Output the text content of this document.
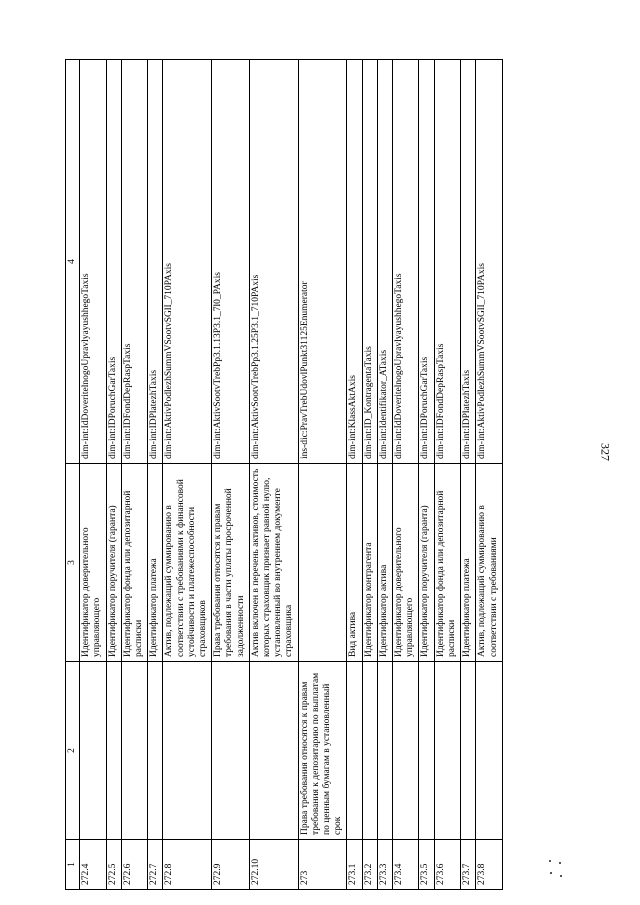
327
1	2	3	4
272.4		Идентификатор доверительного управляющего	dim-int:IdDoveritelnogoUpravlyayushhegoTaxis
272.5		Идентификатор поручителя (гаранта)	dim-int:IDPoruchGarTaxis
272.6		Идентификатор фонда или депозитарной расписки	dim-int:IDFondDepRaspTaxis
272.7		Идентификатор платежа	dim-int:IDPlatezhTaxis
272.8		Актив, подлежащий суммированию в соответствии с требованиями к финансовой устойчивости и платежеспособности страховщиков	dim-int:AktivPodlezhSummVSootvSGlI_710PAxis
272.9		Права требования относятся к правам требования в части уплаты просроченной задолженности	dim-int:AktivSootvTrebPp3.1.13P3.1_7l0_PAxis
272.10		Актив включен в перечень активов, стоимость которых страховщик признает равной нулю, установленный во внутреннем документе страховщика	dim-int:AktivSootvTrebPp3.1.25P3.1_710PAxis
273	Права требования относятся к правам требования к депозитарию по выплатам по ценным бумагам в установленный срок		ins-dic:PravTrebUdovlPunkt31125Enumerator
273.1		Вид актива	dim-int:KlassAktAxis
273.2		Идентификатор контрагента	dim-int:ID_KontragentaTaxis
273.3		Идентификатор актива	dim-int:Identifikator_ATaxis
273.4		Идентификатор доверительного управляющего	dim-int:IdDoveritelnogoUpravlyayushhegoTaxis
273.5		Идентификатор поручителя (гаранта)	dim-int:IDPoruchGarTaxis
273.6		Идентификатор фонда или депозитарной расписки	dim-int:IDFondDepRaspTaxis
273.7		Идентификатор платежа	dim-int:IDPlatezhTaxis
273.8		Актив, подлежащий суммированию в соответствии с требованиями	dim-int:AktivPodlezhSummVSootvSGlI_710PAxis
